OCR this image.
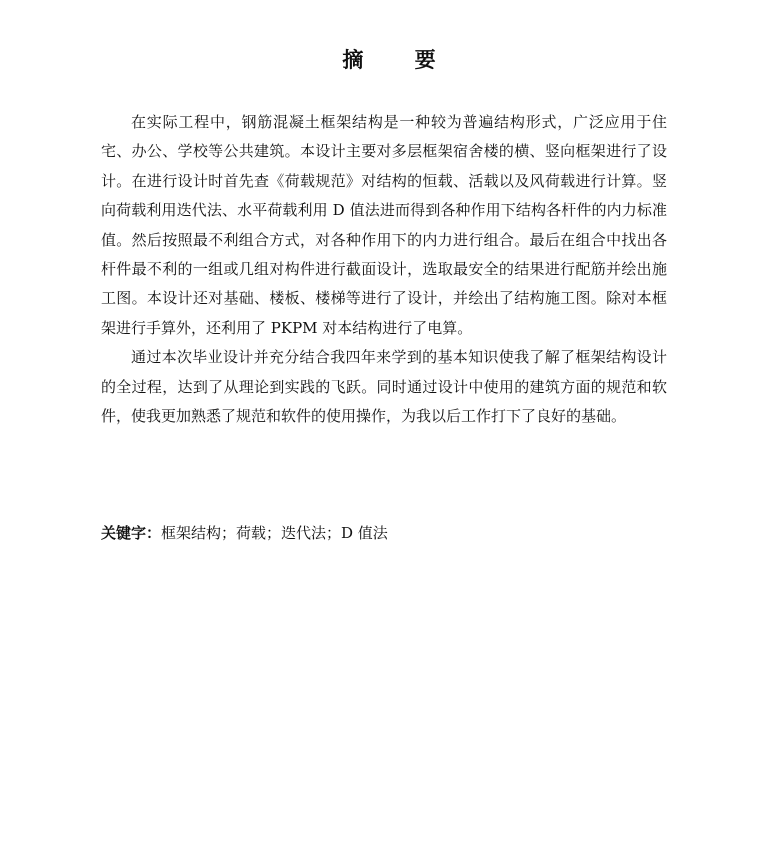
摘 要

在实际工程中，钢筋混凝土框架结构是一种较为普遍结构形式，广泛应用于住宅、办公、学校等公共建筑。本设计主要对多层框架宿舍楼的横、竖向框架进行了设计。在进行设计时首先查《荷载规范》对结构的恒载、活载以及风荷载进行计算。竖向荷载利用迭代法、水平荷载利用 D 值法进而得到各种作用下结构各杆件的内力标准值。然后按照最不利组合方式，对各种作用下的内力进行组合。最后在组合中找出各杆件最不利的一组或几组对构件进行截面设计，选取最安全的结果进行配筋并绘出施工图。本设计还对基础、楼板、楼梯等进行了设计，并绘出了结构施工图。除对本框架进行手算外，还利用了 PKPM 对本结构进行了电算。

通过本次毕业设计并充分结合我四年来学到的基本知识使我了解了框架结构设计的全过程，达到了从理论到实践的飞跃。同时通过设计中使用的建筑方面的规范和软件，使我更加熟悉了规范和软件的使用操作，为我以后工作打下了良好的基础。

关键字：框架结构；荷载；迭代法；D 值法
